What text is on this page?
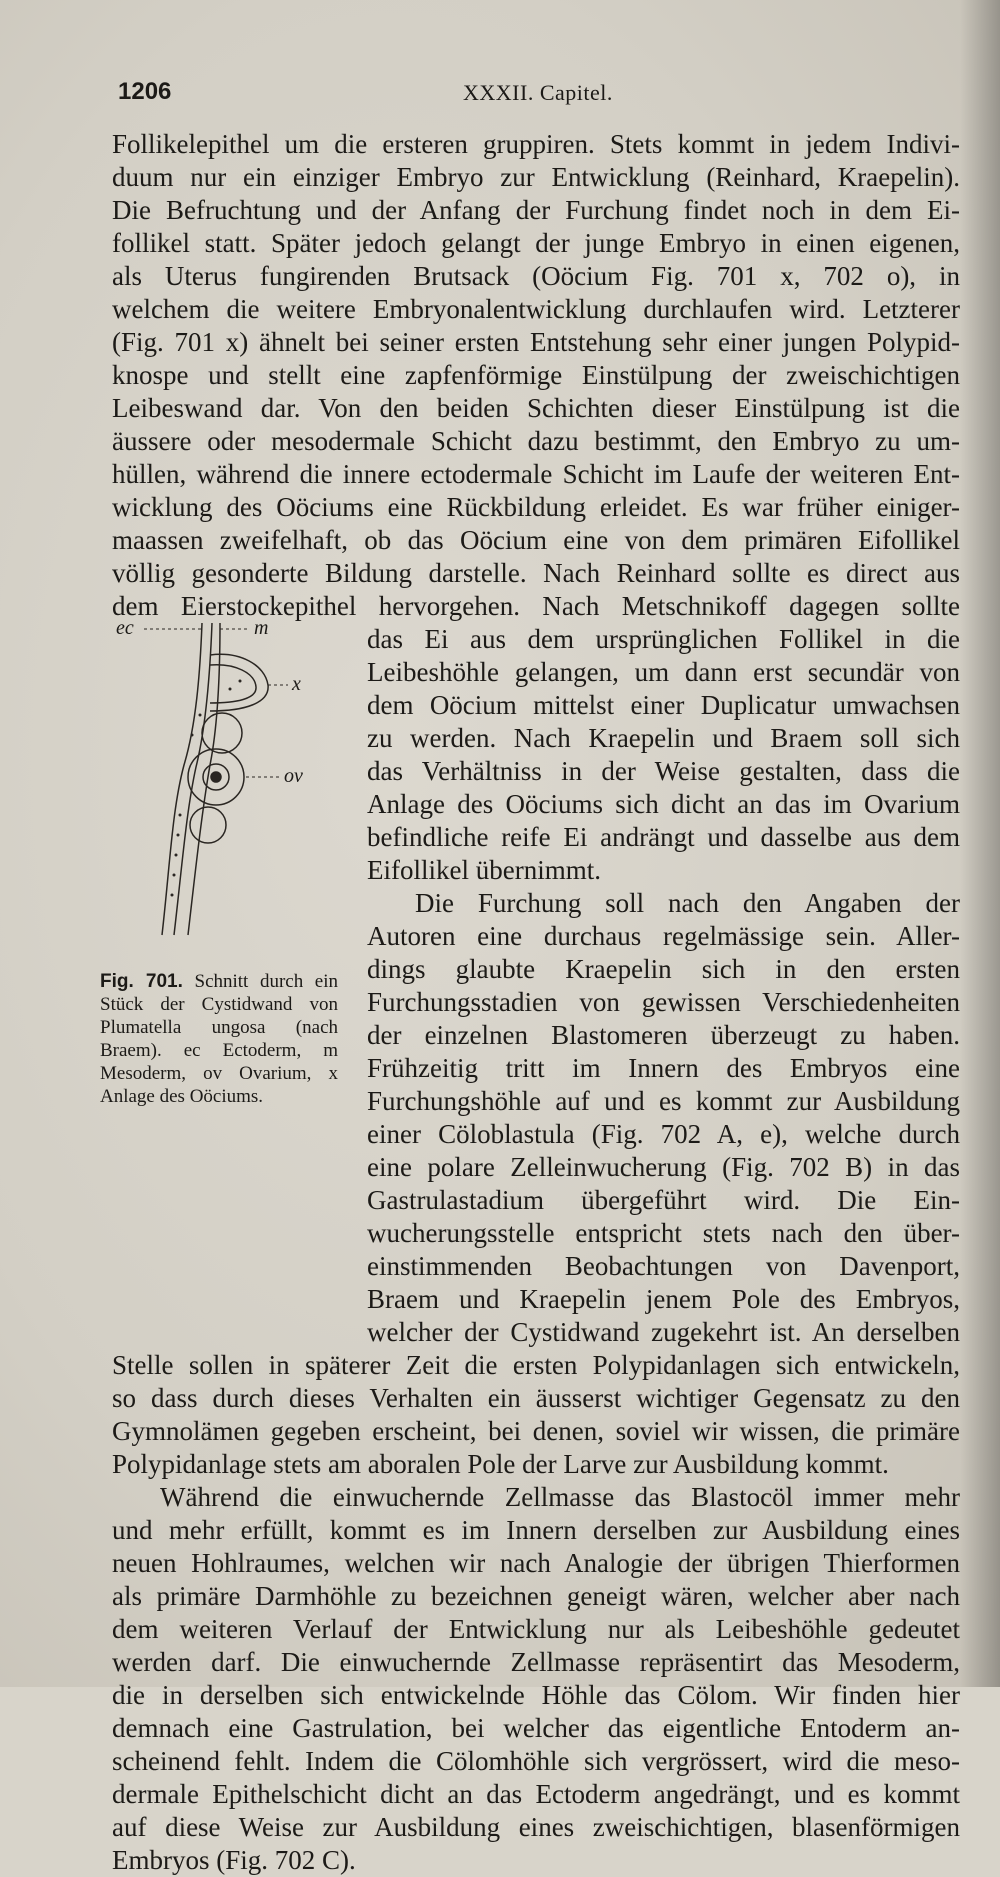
1206	XXXII. Capitel.
Follikelepithel um die ersteren gruppiren. Stets kommt in jedem Indivi-
duum nur ein einziger Embryo zur Entwicklung (Reinhard, Kraepelin).
Die Befruchtung und der Anfang der Furchung findet noch in dem Ei-
follikel statt. Später jedoch gelangt der junge Embryo in einen eigenen,
als Uterus fungirenden Brutsack (Oöcium Fig. 701 x, 702 o), in
welchem die weitere Embryonalentwicklung durchlaufen wird. Letzterer
(Fig. 701 x) ähnelt bei seiner ersten Entstehung sehr einer jungen Polypid-
knospe und stellt eine zapfenförmige Einstülpung der zweischichtigen
Leibeswand dar. Von den beiden Schichten dieser Einstülpung ist die
äussere oder mesodermale Schicht dazu bestimmt, den Embryo zu um-
hüllen, während die innere ectodermale Schicht im Laufe der weiteren Ent-
wicklung des Oöciums eine Rückbildung erleidet. Es war früher einiger-
maassen zweifelhaft, ob das Oöcium eine von dem primären Eifollikel
völlig gesonderte Bildung darstelle. Nach Reinhard sollte es direct aus
dem Eierstockepithel hervorgehen. Nach Metschnikoff dagegen sollte
das Ei aus dem ursprünglichen Follikel in die
Leibeshöhle gelangen, um dann erst secundär von
dem Oöcium mittelst einer Duplicatur umwachsen
zu werden. Nach Kraepelin und Braem soll sich
das Verhältniss in der Weise gestalten, dass die
Anlage des Oöciums sich dicht an das im Ovarium
befindliche reife Ei andrängt und dasselbe aus dem
Eifollikel übernimmt.
Die Furchung soll nach den Angaben der
Autoren eine durchaus regelmässige sein. Aller-
dings glaubte Kraepelin sich in den ersten
Furchungsstadien von gewissen Verschiedenheiten
der einzelnen Blastomeren überzeugt zu haben.
Frühzeitig tritt im Innern des Embryos eine
Furchungshöhle auf und es kommt zur Ausbildung
einer Cöloblastula (Fig. 702 A, e), welche durch
eine polare Zelleinwucherung (Fig. 702 B) in das
Gastrulastadium übergeführt wird. Die Ein-
wucherungsstelle entspricht stets nach den über-
einstimmenden Beobachtungen von Davenport,
Braem und Kraepelin jenem Pole des Embryos,
welcher der Cystidwand zugekehrt ist. An derselben
Stelle sollen in späterer Zeit die ersten Polypidanlagen sich entwickeln,
so dass durch dieses Verhalten ein äusserst wichtiger Gegensatz zu den
Gymnolämen gegeben erscheint, bei denen, soviel wir wissen, die primäre
Polypidanlage stets am aboralen Pole der Larve zur Ausbildung kommt.
Während die einwuchernde Zellmasse das Blastocöl immer mehr
und mehr erfüllt, kommt es im Innern derselben zur Ausbildung eines
neuen Hohlraumes, welchen wir nach Analogie der übrigen Thierformen
als primäre Darmhöhle zu bezeichnen geneigt wären, welcher aber nach
dem weiteren Verlauf der Entwicklung nur als Leibeshöhle gedeutet
werden darf. Die einwuchernde Zellmasse repräsentirt das Mesoderm,
die in derselben sich entwickelnde Höhle das Cölom. Wir finden hier
demnach eine Gastrulation, bei welcher das eigentliche Entoderm an-
scheinend fehlt. Indem die Cölomhöhle sich vergrössert, wird die meso-
dermale Epithelschicht dicht an das Ectoderm angedrängt, und es kommt
auf diese Weise zur Ausbildung eines zweischichtigen, blasenförmigen
Embryos (Fig. 702 C).
ec	m
x
ov
Fig. 701. Schnitt durch ein Stück der Cystidwand von Plumatella ungosa (nach Braem). ec Ectoderm, m Mesoderm, ov Ovarium, x Anlage des Oöciums.
